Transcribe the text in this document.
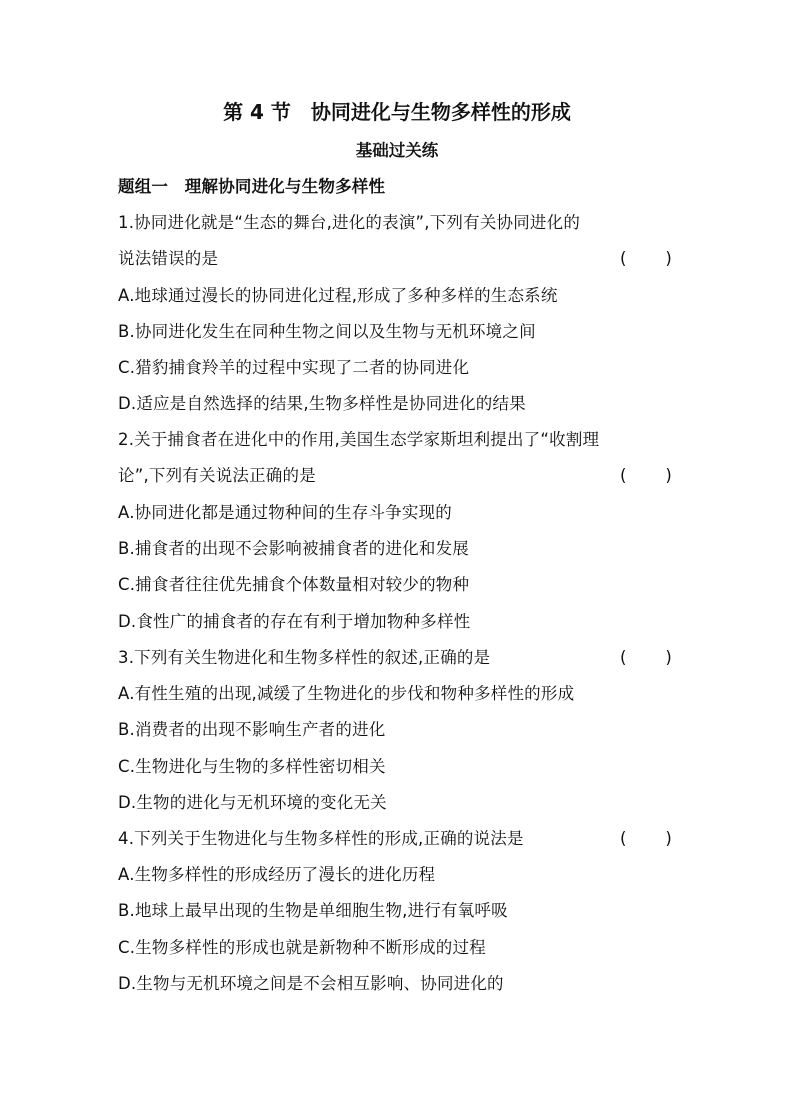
第 4 节　协同进化与生物多样性的形成
基础过关练
题组一　理解协同进化与生物多样性
1.协同进化就是“生态的舞台,进化的表演”,下列有关协同进化的
说法错误的是	( )
A.地球通过漫长的协同进化过程,形成了多种多样的生态系统
B.协同进化发生在同种生物之间以及生物与无机环境之间
C.猎豹捕食羚羊的过程中实现了二者的协同进化
D.适应是自然选择的结果,生物多样性是协同进化的结果
2.关于捕食者在进化中的作用,美国生态学家斯坦利提出了“收割理
论”,下列有关说法正确的是	( )
A.协同进化都是通过物种间的生存斗争实现的
B.捕食者的出现不会影响被捕食者的进化和发展
C.捕食者往往优先捕食个体数量相对较少的物种
D.食性广的捕食者的存在有利于增加物种多样性
3.下列有关生物进化和生物多样性的叙述,正确的是	( )
A.有性生殖的出现,减缓了生物进化的步伐和物种多样性的形成
B.消费者的出现不影响生产者的进化
C.生物进化与生物的多样性密切相关
D.生物的进化与无机环境的变化无关
4.下列关于生物进化与生物多样性的形成,正确的说法是	( )
A.生物多样性的形成经历了漫长的进化历程
B.地球上最早出现的生物是单细胞生物,进行有氧呼吸
C.生物多样性的形成也就是新物种不断形成的过程
D.生物与无机环境之间是不会相互影响、协同进化的
